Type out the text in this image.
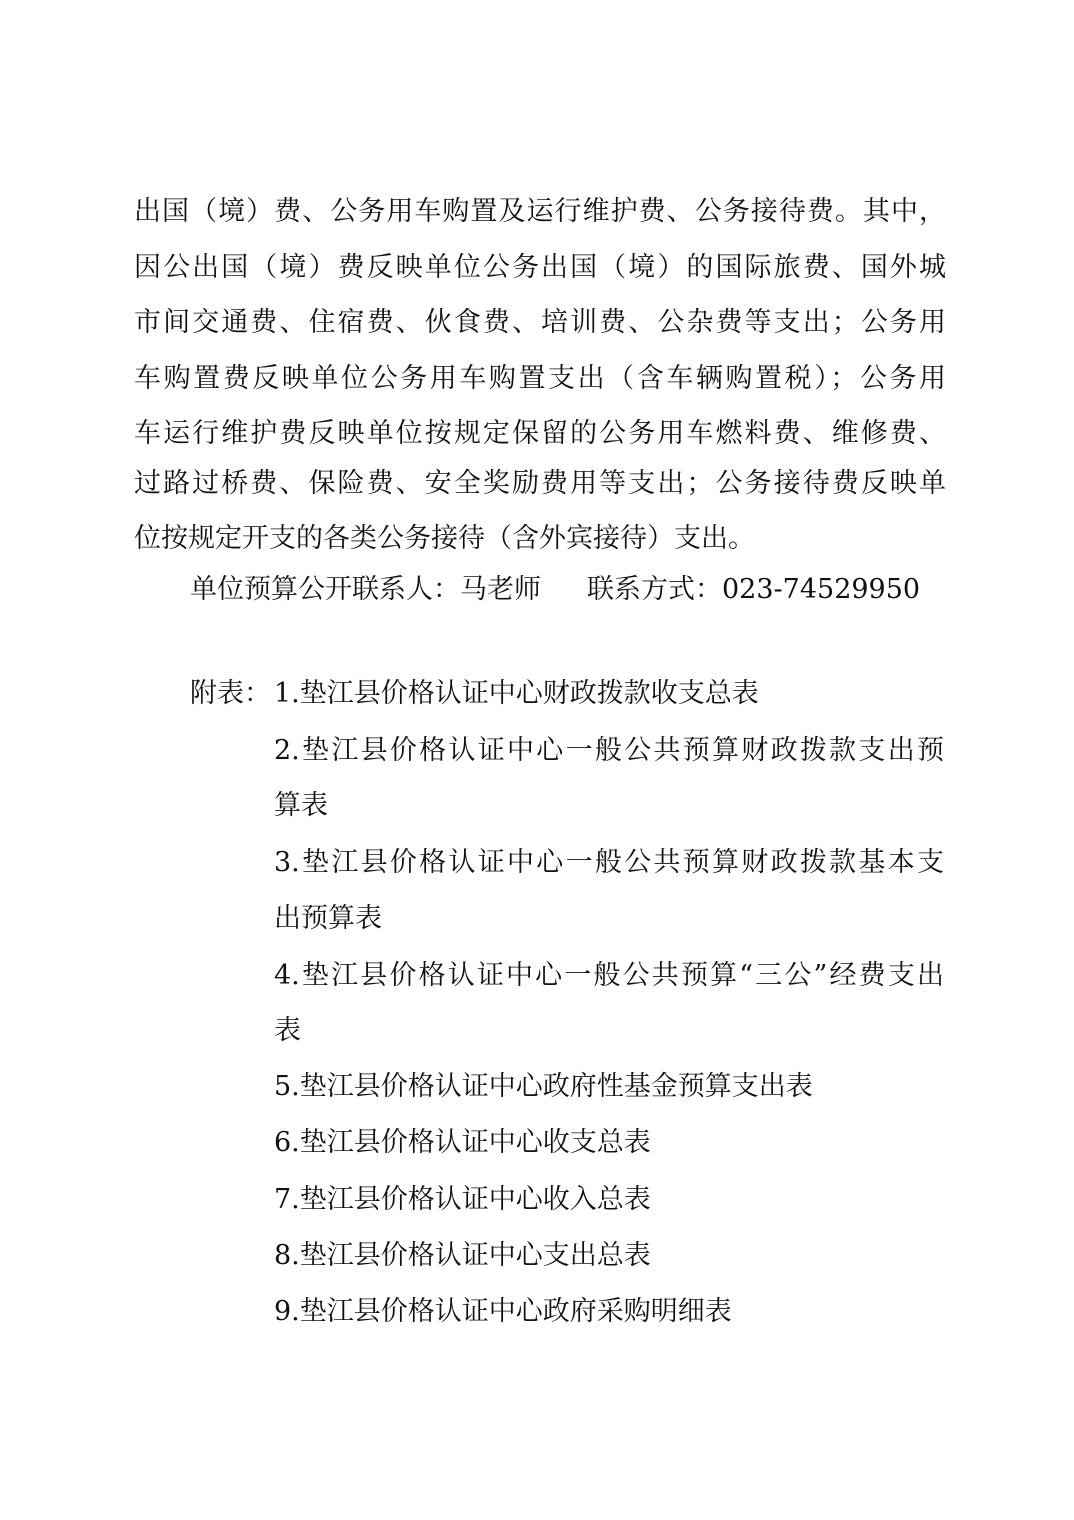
出国（境）费、公务用车购置及运行维护费、公务接待费。其中，
因公出国（境）费反映单位公务出国（境）的国际旅费、国外城
市间交通费、住宿费、伙食费、培训费、公杂费等支出；公务用
车购置费反映单位公务用车购置支出（含车辆购置税）；公务用
车运行维护费反映单位按规定保留的公务用车燃料费、维修费、
过路过桥费、保险费、安全奖励费用等支出；公务接待费反映单
位按规定开支的各类公务接待（含外宾接待）支出。
单位预算公开联系人：马老师 联系方式：023-74529950
附表： 1.垫江县价格认证中心财政拨款收支总表
2.垫江县价格认证中心一般公共预算财政拨款支出预
算表
3.垫江县价格认证中心一般公共预算财政拨款基本支
出预算表
4.垫江县价格认证中心一般公共预算“三公”经费支出
表
5.垫江县价格认证中心政府性基金预算支出表
6.垫江县价格认证中心收支总表
7.垫江县价格认证中心收入总表
8.垫江县价格认证中心支出总表
9.垫江县价格认证中心政府采购明细表
